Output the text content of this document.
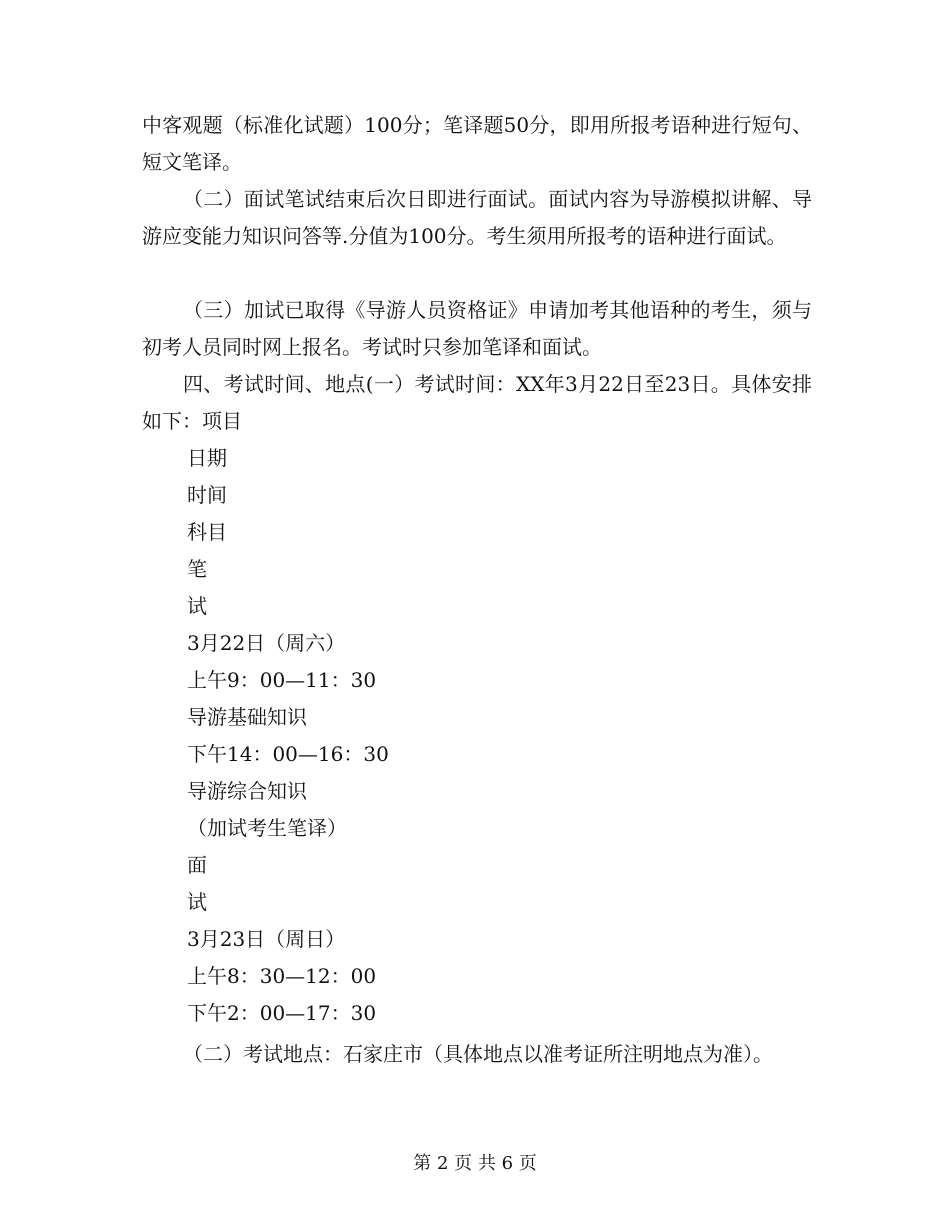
中客观题（标准化试题）100分；笔译题50分，即用所报考语种进行短句、短文笔译。

（二）面试笔试结束后次日即进行面试。面试内容为导游模拟讲解、导游应变能力知识问答等.分值为100分。考生须用所报考的语种进行面试。

（三）加试已取得《导游人员资格证》申请加考其他语种的考生，须与初考人员同时网上报名。考试时只参加笔译和面试。

四、考试时间、地点(一）考试时间：XX年3月22日至23日。具体安排如下：项目

日期

时间

科目

笔

试

3月22日（周六）

上午9：00—11：30

导游基础知识

下午14：00—16：30

导游综合知识

（加试考生笔译）

面

试

3月23日（周日）

上午8：30—12：00

下午2：00—17：30

（二）考试地点：石家庄市（具体地点以准考证所注明地点为准）。

第 2 页 共 6 页
